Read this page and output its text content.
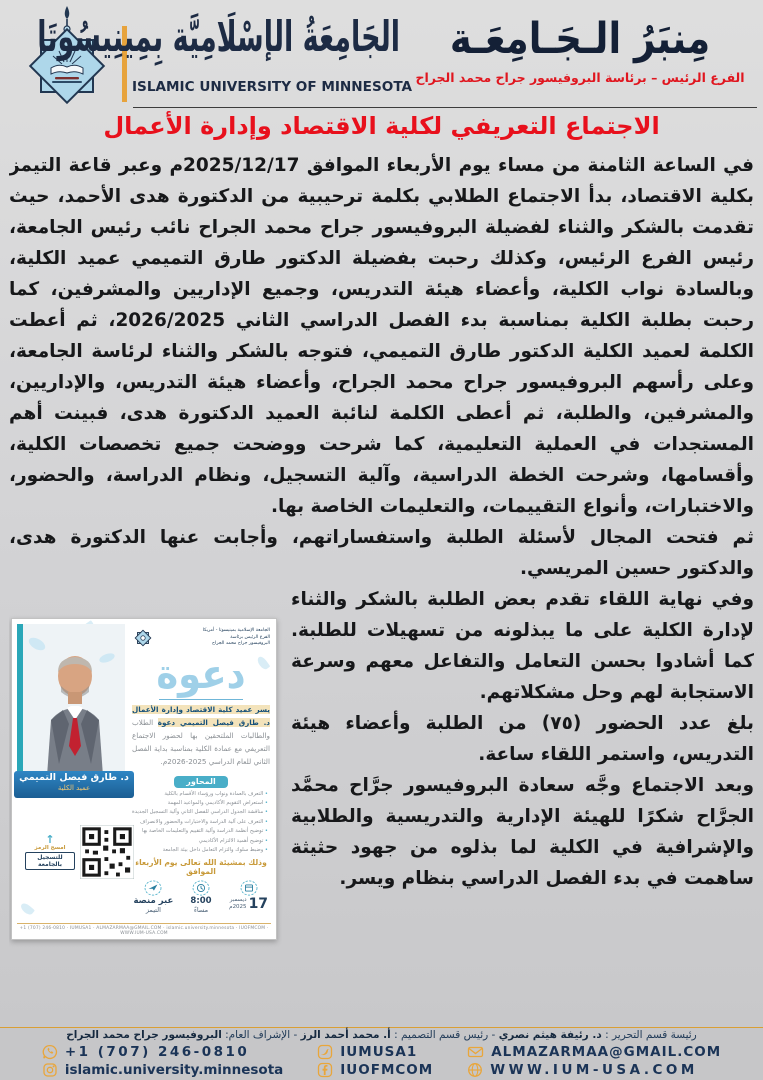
الجَامِعَةُ الإسْلَامِيَّة بِمِينِيسُوتَا
ISLAMIC UNIVERSITY OF MINNESOTA
مِنبَرُ الـجَـامِعَـة
الفرع الرئيس – برئاسة البروفيسور جراح محمد الجراح
الاجتماع التعريفي لكلية الاقتصاد وإدارة الأعمال

في الساعة الثامنة من مساء يوم الأربعاء الموافق 2025/12/17م وعبر قاعة التيمز بكلية الاقتصاد، بدأ الاجتماع الطلابي بكلمة ترحيبية من الدكتورة هدى الأحمد، حيث تقدمت بالشكر والثناء لفضيلة البروفيسور جراح محمد الجراح نائب رئيس الجامعة، رئيس الفرع الرئيس، وكذلك رحبت بفضيلة الدكتور طارق التميمي عميد الكلية، وبالسادة نواب الكلية، وأعضاء هيئة التدريس، وجميع الإداريين والمشرفين، كما رحبت بطلبة الكلية بمناسبة بدء الفصل الدراسي الثاني 2026/2025، ثم أعطت الكلمة لعميد الكلية الدكتور طارق التميمي، فتوجه بالشكر والثناء لرئاسة الجامعة، وعلى رأسهم البروفيسور جراح محمد الجراح، وأعضاء هيئة التدريس، والإداريين، والمشرفين، والطلبة، ثم أعطى الكلمة لنائبة العميد الدكتورة هدى، فبينت أهم المستجدات في العملية التعليمية، كما شرحت ووضحت جميع تخصصات الكلية، وأقسامها، وشرحت الخطة الدراسية، وآلية التسجيل، ونظام الدراسة، والحضور، والاختبارات، وأنواع التقييمات، والتعليمات الخاصة بها.

ثم فتحت المجال لأسئلة الطلبة واستفساراتهم، وأجابت عنها الدكتورة هدى، والدكتور حسين المريسي.

د. طارق فيصل التميمي
عميد الكلية
الجامعة الإسلامية بمينيسوتا - أمريكا
الفرع الرئيس برئاسة
البروفيسور جراح محمد الجراح
دعوة
يسر عميد كلية الاقتصاد وإدارة الأعمال د. طارق فيصل التميمي دعوة الطلاب والطالبات الملتحقين بها لحضور الاجتماع التعريفي مع عمادة الكلية بمناسبة بداية الفصل الثاني للعام الدراسي 2025-2026م.
المحاور
• التعرف بالعمادة ونواب ورؤساء الأقسام بالكلية
• استعراض التقويم الأكاديمي والمواعيد المهمة
• مناقشة الجدول الدراسي للفصل الثاني وآلية التسجيل الجديدة
• التعرف على آلية الدراسة والاختبارات والحضور والانصراف
• توضيح أنظمة الدراسة وآلية التقييم والتعليمات الخاصة بها
• توضيح أهمية الالتزام الأكاديمي
• وضبط سلوك والتزام التعامل داخل بيئة الجامعة
وذلك بمشيئة الله تعالى يوم الأربعاء الموافق
عبر منصة
التيمز
8:00
مساءً	17
ديسمبر
2025م
↑
امسح الرمز
للتسجيل بالجامعة
+1 (707) 246-0810 · IUMUSA1 · ALMAZARMAA@GMAIL.COM · islamic.university.minnesota · IUOFMCOM · WWW.IUM-USA.COM

وفي نهاية اللقاء تقدم بعض الطلبة بالشكر والثناء لإدارة الكلية على ما يبذلونه من تسهيلات للطلبة. كما أشادوا بحسن التعامل والتفاعل معهم وسرعة الاستجابة لهم وحل مشكلاتهم.

بلغ عدد الحضور (٧٥) من الطلبة وأعضاء هيئة التدريس، واستمر اللقاء ساعة.

وبعد الاجتماع وجَّه سعادة البروفيسور جرَّاح محمَّد الجرَّاح شكرًا للهيئة الإدارية والتدريسية والطلابية والإشرافية في الكلية لما بذلوه من جهود حثيثة ساهمت في بدء الفصل الدراسي بنظام ويسر.

رئيسة قسم التحرير : د. رئيفة هيثم نصري - رئيس قسم التصميم : أ. محمد أحمد الرز - الإشراف العام: البروفيسور جراح محمد الجراح
+1 (707) 246-0810
islamic.university.minnesota
IUMUSA1
IUOFMCOM
ALMAZARMAA@GMAIL.COM
WWW.IUM-USA.COM
